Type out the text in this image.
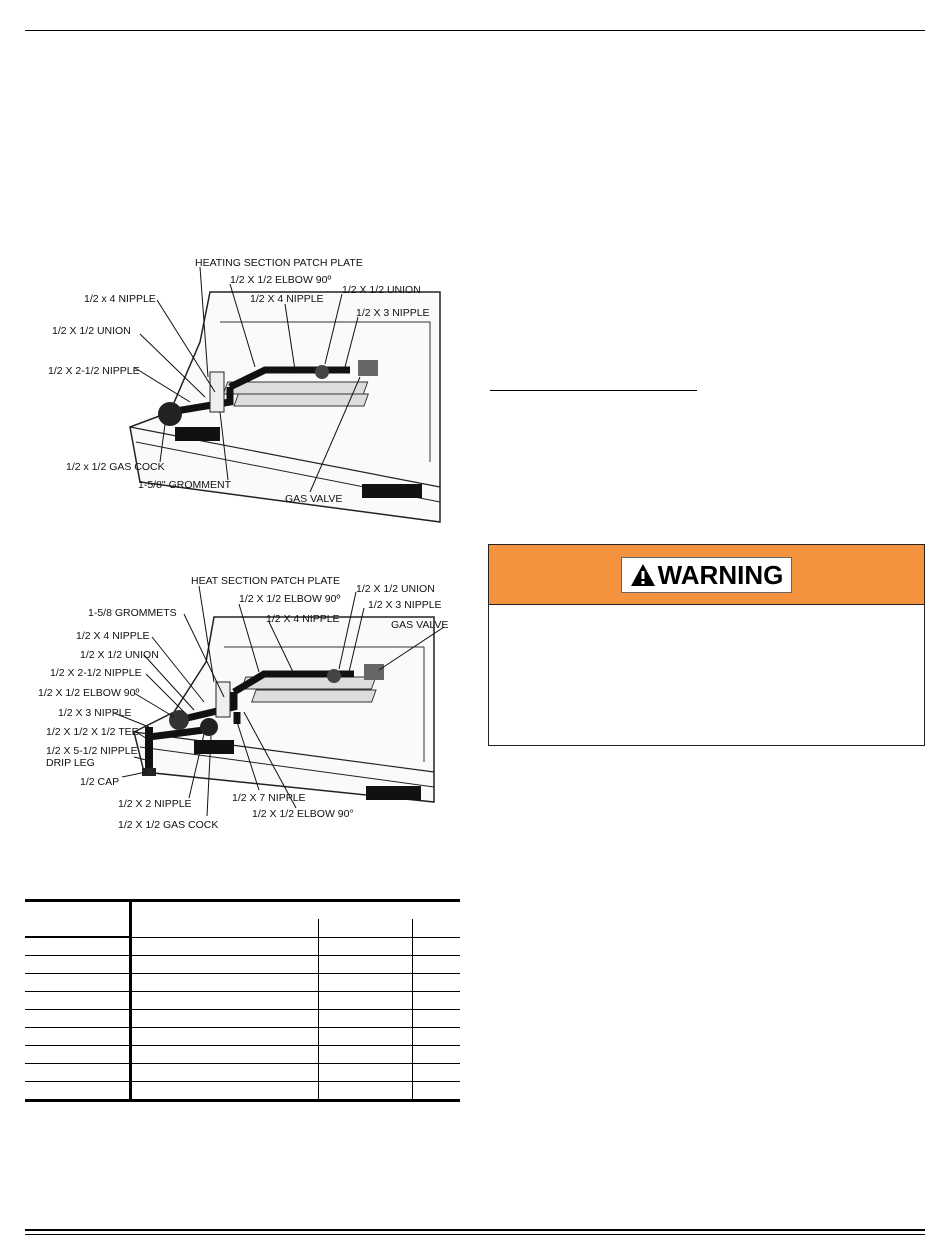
HEATING SECTION PATCH PLATE
1/2 X 1/2 ELBOW 90º
1/2 X 4 NIPPLE
1/2 X 1/2 UNION
1/2 X 3 NIPPLE
1/2 x 4 NIPPLE
1/2 X 1/2 UNION
1/2 X 2-1/2 NIPPLE
1/2 x 1/2 GAS COCK
1-5/8" GROMMENT
GAS VALVE
HEAT SECTION PATCH PLATE
1/2 X 1/2 UNION
1/2 X 1/2 ELBOW 90º	1/2 X 3 NIPPLE
1-5/8 GROMMETS	1/2 X 4 NIPPLE	GAS VALVE
1/2 X 4 NIPPLE
1/2 X 1/2 UNION
1/2 X 2-1/2 NIPPLE
1/2 X 1/2 ELBOW 90º
1/2 X 3 NIPPLE
1/2 X 1/2 X 1/2 TEE
1/2 X 5-1/2 NIPPLE
DRIP LEG
1/2 CAP
1/2 X 2 NIPPLE
1/2 X 1/2 GAS COCK
1/2 X 7 NIPPLE
1/2 X 1/2 ELBOW 90°

WARNING
